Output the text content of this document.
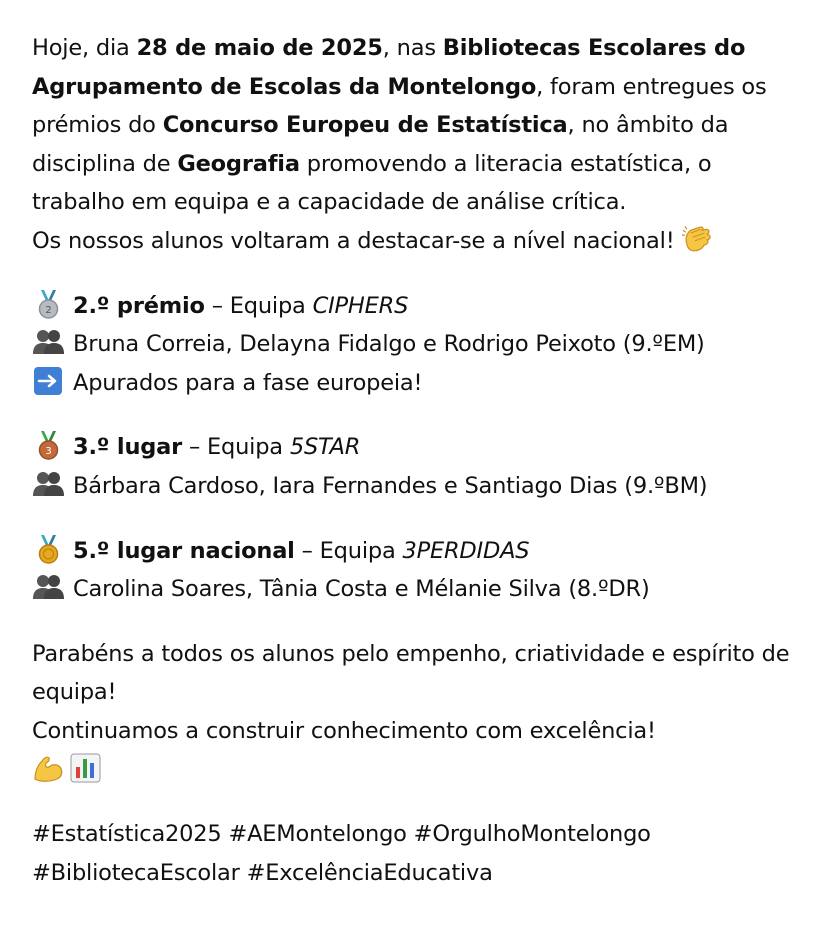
Hoje, dia 28 de maio de 2025, nas Bibliotecas Escolares do Agrupamento de Escolas da Montelongo, foram entregues os prémios do Concurso Europeu de Estatística, no âmbito da disciplina de Geografia promovendo a literacia estatística, o trabalho em equipa e a capacidade de análise crítica.
Os nossos alunos voltaram a destacar-se a nível nacional!

2 2.º prémio – Equipa CIPHERS
Bruna Correia, Delayna Fidalgo e Rodrigo Peixoto (9.ºEM)
Apurados para a fase europeia!
3 3.º lugar – Equipa 5STAR
Bárbara Cardoso, Iara Fernandes e Santiago Dias (9.ºBM)
5.º lugar nacional – Equipa 3PERDIDAS
Carolina Soares, Tânia Costa e Mélanie Silva (8.ºDR)

Parabéns a todos os alunos pelo empenho, criatividade e espírito de equipa!
Continuamos a construir conhecimento com excelência!

#Estatística2025 #AEMontelongo #OrgulhoMontelongo #BibliotecaEscolar #ExcelênciaEducativa
